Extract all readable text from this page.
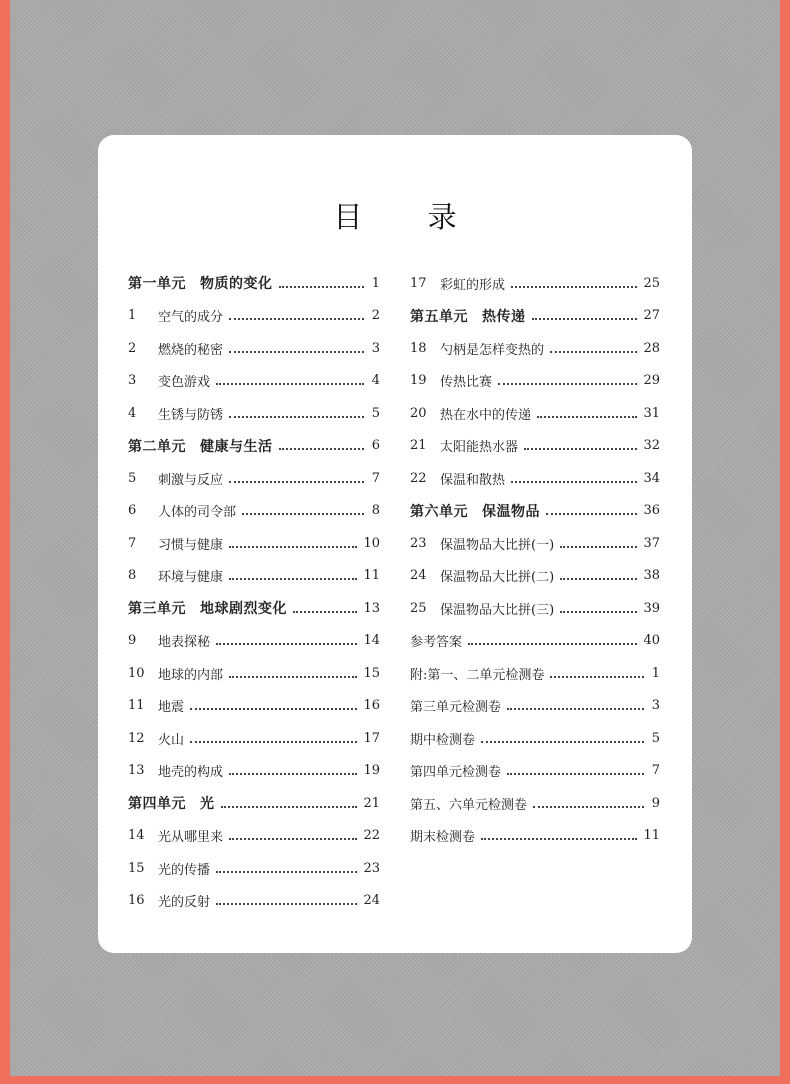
目 录
第一单元 物质的变化	1
1	空气的成分	2
2	燃烧的秘密	3
3	变色游戏	4
4	生锈与防锈	5
第二单元 健康与生活	6
5	刺激与反应	7
6	人体的司令部	8
7	习惯与健康	10
8	环境与健康	11
第三单元 地球剧烈变化	13
9	地表探秘	14
10	地球的内部	15
11	地震	16
12	火山	17
13	地壳的构成	19
第四单元 光	21
14	光从哪里来	22
15	光的传播	23
16	光的反射	24
17	彩虹的形成	25
第五单元 热传递	27
18	勺柄是怎样变热的	28
19	传热比赛	29
20	热在水中的传递	31
21	太阳能热水器	32
22	保温和散热	34
第六单元 保温物品	36
23	保温物品大比拼(一)	37
24	保温物品大比拼(二)	38
25	保温物品大比拼(三)	39
参考答案	40
附:第一、二单元检测卷	1
第三单元检测卷	3
期中检测卷	5
第四单元检测卷	7
第五、六单元检测卷	9
期末检测卷	11
